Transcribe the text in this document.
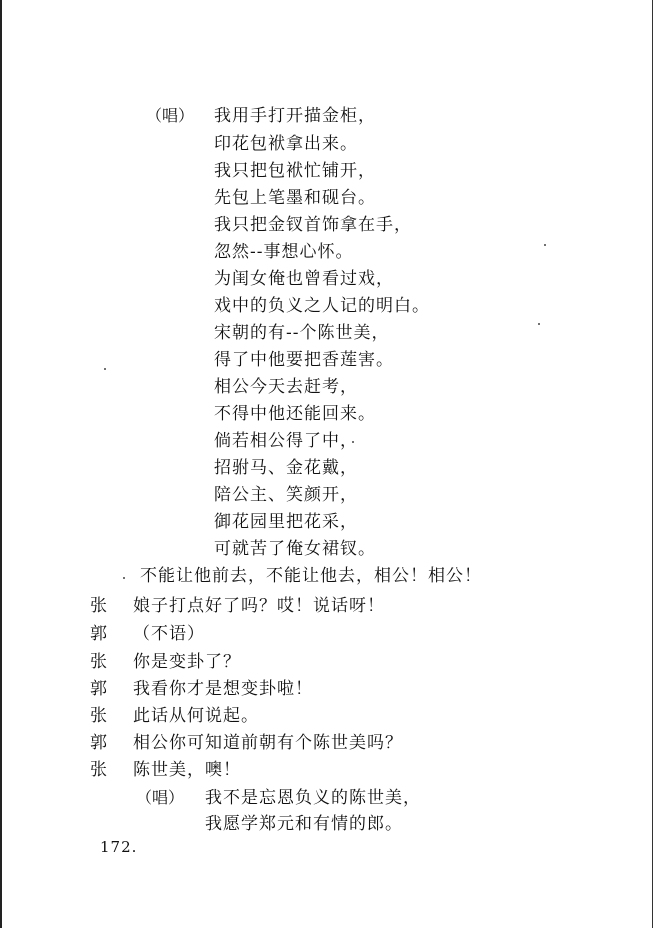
（唱） 我用手打开描金柜，
印花包袱拿出来。
我只把包袱忙铺开，
先包上笔墨和砚台。
我只把金钗首饰拿在手，
忽然--事想心怀。
为闺女俺也曾看过戏，
戏中的负义之人记的明白。
宋朝的有--个陈世美，
得了中他要把香莲害。
相公今天去赶考，
不得中他还能回来。
倘若相公得了中，
招驸马、金花戴，
陪公主、笑颜开，
御花园里把花采，
可就苦了俺女裙钗。
不能让他前去，不能让他去，相公！相公！
张 娘子打点好了吗？哎！说话呀！
郭 （不语）
张 你是变卦了？
郭 我看你才是想变卦啦！
张 此话从何说起。
郭 相公你可知道前朝有个陈世美吗？
张 陈世美，噢！
（唱） 我不是忘恩负义的陈世美，
我愿学郑元和有情的郎。
172.
